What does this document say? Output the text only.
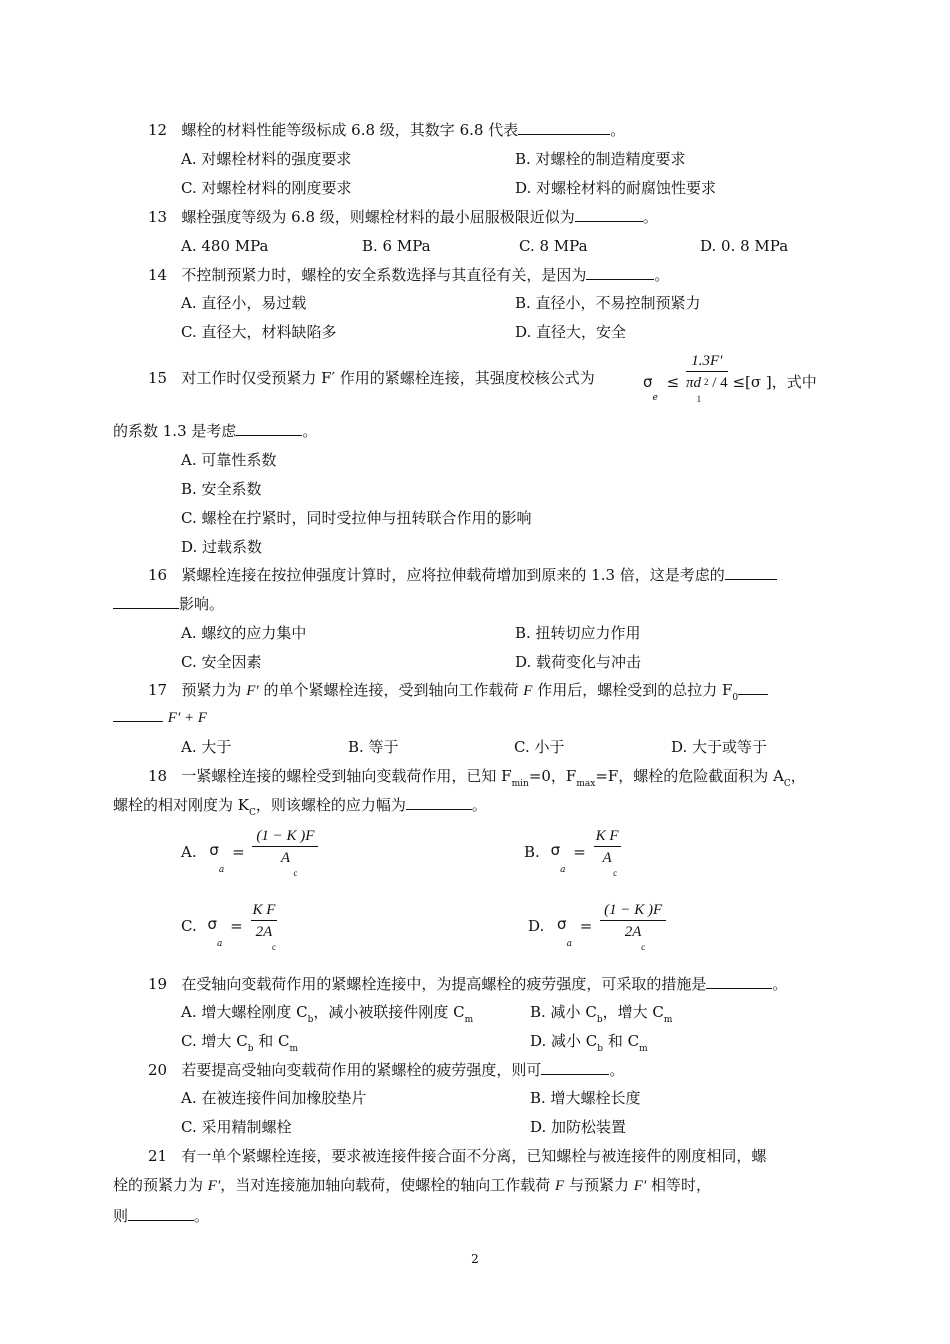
12 螺栓的材料性能等级标成 6.8 级，其数字 6.8 代表	。
A. 对螺栓材料的强度要求	B. 对螺栓的制造精度要求
C. 对螺栓材料的刚度要求	D. 对螺栓材料的耐腐蚀性要求
13 螺栓强度等级为 6.8 级，则螺栓材料的最小屈服极限近似为	。
A. 480 MPa	B. 6 MPa	C. 8 MPa	D. 0. 8 MPa
14 不控制预紧力时，螺栓的安全系数选择与其直径有关，是因为	。
A. 直径小，易过载	B. 直径小，不易控制预紧力
C. 直径大，材料缺陷多	D. 直径大，安全
15 对工作时仅受预紧力 F′ 作用的紧螺栓连接，其强度校核公式为	$\sigma_e$ ≤
1.3F′
πd 2 / 4
$^1$
≤[σ ]，式中
的系数 1.3 是考虑	。
A. 可靠性系数
B. 安全系数
C. 螺栓在拧紧时，同时受拉伸与扭转联合作用的影响
D. 过载系数
16 紧螺栓连接在按拉伸强度计算时，应将拉伸载荷增加到原来的 1.3 倍，这是考虑的
影响。
A. 螺纹的应力集中	B. 扭转切应力作用
C. 安全因素	D. 载荷变化与冲击
17 预紧力为 F′ 的单个紧螺栓连接，受到轴向工作载荷 F 作用后，螺栓受到的总拉力 $F_0$
F′ + F
A. 大于	B. 等于	C. 小于	D. 大于或等于
18 一紧螺栓连接的螺栓受到轴向变载荷作用，已知 $F_{min}=0$，$F_{max}=F$，螺栓的危险截面积为 $A_C$，
螺栓的相对刚度为 $K_C$，则该螺栓的应力幅为	。
A. $\sigma_a$ =
(1 − K )F
A
$^c$
B. $\sigma_a$ =
K F
A
$^c$
C. $\sigma_a$ =
K F
2A
$^c$
D. $\sigma_a$ =
(1 − K )F
2A
$^c$
19 在受轴向变载荷作用的紧螺栓连接中，为提高螺栓的疲劳强度，可采取的措施是	。
A. 增大螺栓刚度 $C_b$，减小被联接件刚度 $C_m$	B. 减小 $C_b$，增大 $C_m$
C. 增大 $C_b$ 和 $C_m$	D. 减小 $C_b$ 和 $C_m$
20 若要提高受轴向变载荷作用的紧螺栓的疲劳强度，则可	。
A. 在被连接件间加橡胶垫片	B. 增大螺栓长度
C. 采用精制螺栓	D. 加防松装置
21 有一单个紧螺栓连接，要求被连接件接合面不分离，已知螺栓与被连接件的刚度相同，螺
栓的预紧力为 F′，当对连接施加轴向载荷，使螺栓的轴向工作载荷 F 与预紧力 F′ 相等时，
则	。
2
